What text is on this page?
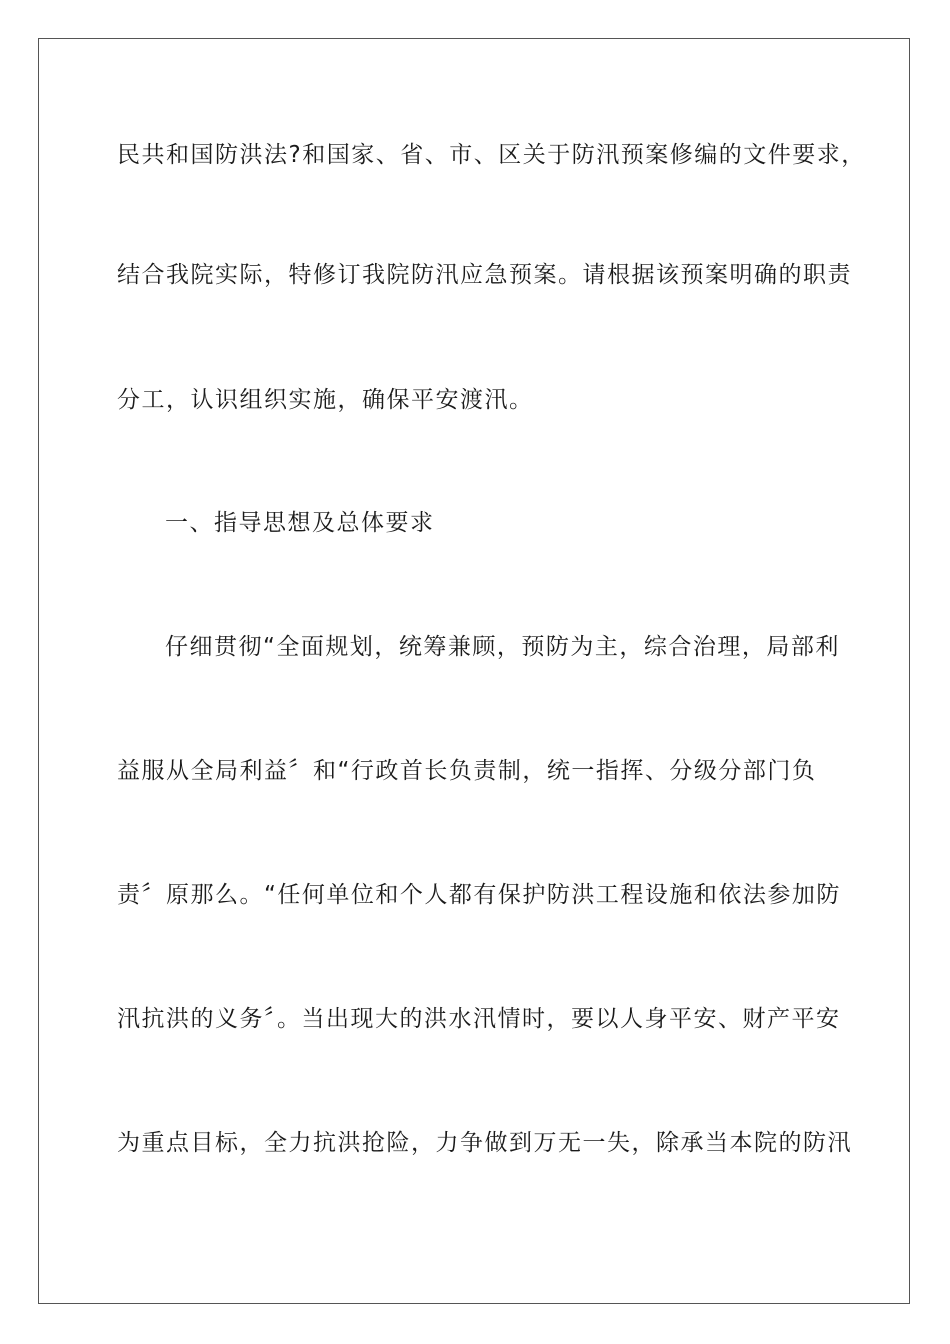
民共和国防洪法?和国家、省、市、区关于防汛预案修编的文件要求，

结合我院实际，特修订我院防汛应急预案。请根据该预案明确的职责

分工，认识组织实施，确保平安渡汛。

一、指导思想及总体要求

仔细贯彻“全面规划，统筹兼顾，预防为主，综合治理，局部利

益服从全局利益〞和“行政首长负责制，统一指挥、分级分部门负

责〞原那么。“任何单位和个人都有保护防洪工程设施和依法参加防

汛抗洪的义务〞。当出现大的洪水汛情时，要以人身平安、财产平安

为重点目标，全力抗洪抢险，力争做到万无一失，除承当本院的防汛
